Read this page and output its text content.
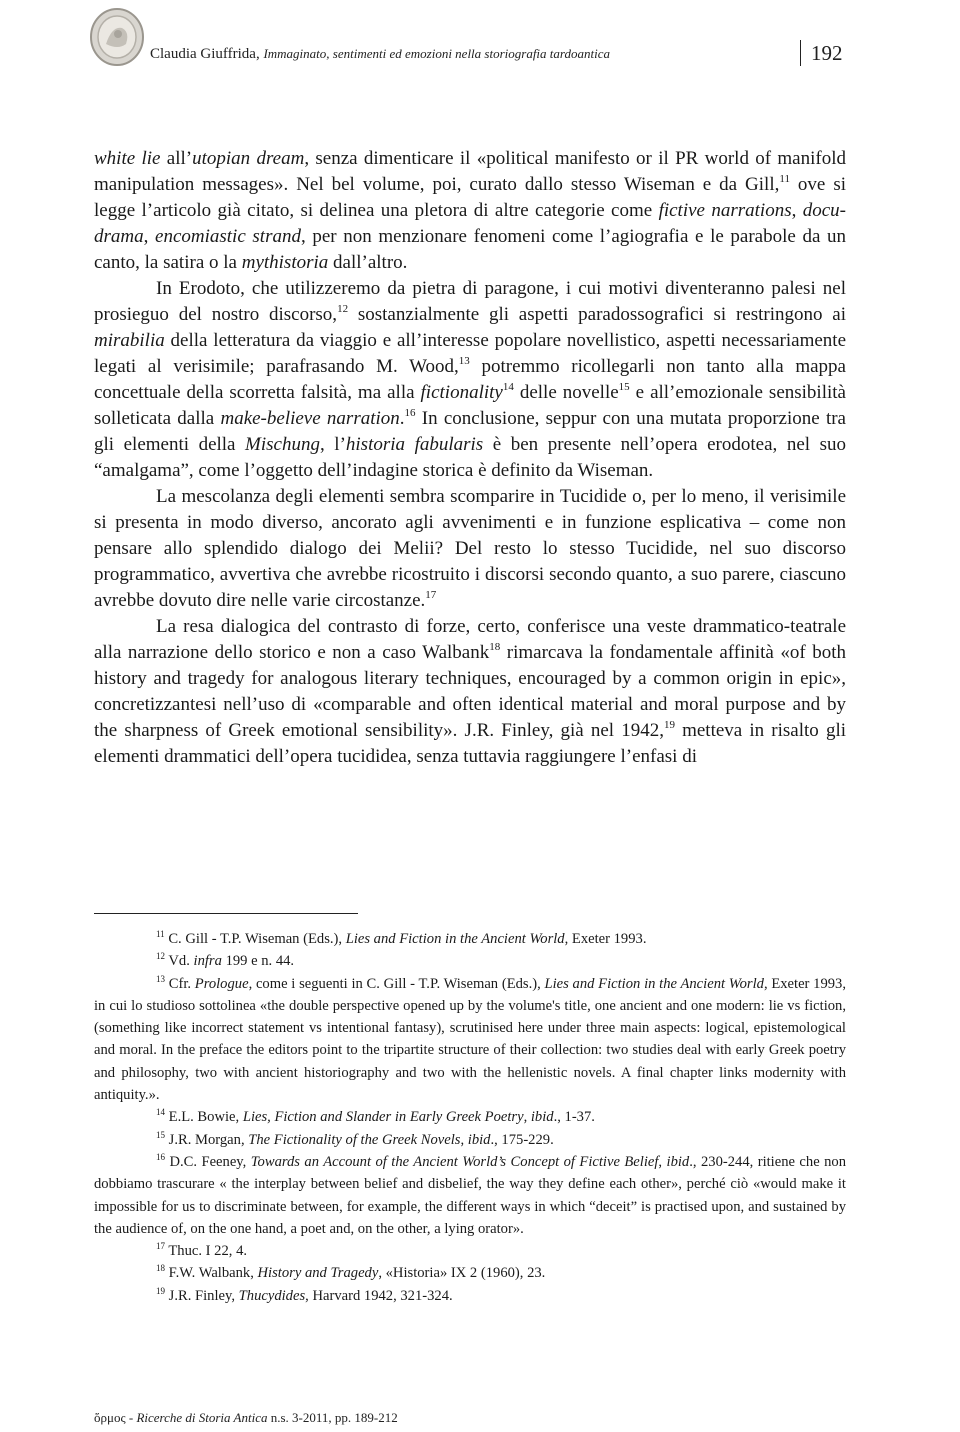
Claudia Giuffrida, Immaginato, sentimenti ed emozioni nella storiografia tardoantica	192

white lie all’utopian dream, senza dimenticare il «political manifesto or il PR world of manifold manipulation messages». Nel bel volume, poi, curato dallo stesso Wiseman e da Gill,$^{11}$ ove si legge l’articolo già citato, si delinea una pletora di altre categorie come fictive narrations, docu-drama, encomiastic strand, per non menzionare fenomeni come l’agiografia e le parabole da un canto, la satira o la mythistoria dall’altro.

In Erodoto, che utilizzeremo da pietra di paragone, i cui motivi diventeranno palesi nel prosieguo del nostro discorso,$^{12}$ sostanzialmente gli aspetti paradossografici si restringono ai mirabilia della letteratura da viaggio e all’interesse popolare novellistico, aspetti necessariamente legati al verisimile; parafrasando M. Wood,$^{13}$ potremmo ricollegarli non tanto alla mappa concettuale della scorretta falsità, ma alla fictionality$^{14}$ delle novelle$^{15}$ e all’emozionale sensibilità solleticata dalla make-believe narration.$^{16}$ In conclusione, seppur con una mutata proporzione tra gli elementi della Mischung, l’historia fabularis è ben presente nell’opera erodotea, nel suo “amalgama”, come l’oggetto dell’indagine storica è definito da Wiseman.

La mescolanza degli elementi sembra scomparire in Tucidide o, per lo meno, il verisimile si presenta in modo diverso, ancorato agli avvenimenti e in funzione esplicativa – come non pensare allo splendido dialogo dei Melii? Del resto lo stesso Tucidide, nel suo discorso programmatico, avvertiva che avrebbe ricostruito i discorsi secondo quanto, a suo parere, ciascuno avrebbe dovuto dire nelle varie circostanze.$^{17}$

La resa dialogica del contrasto di forze, certo, conferisce una veste drammatico-teatrale alla narrazione dello storico e non a caso Walbank$^{18}$ rimarcava la fondamentale affinità «of both history and tragedy for analogous literary techniques, encouraged by a common origin in epic», concretizzantesi nell’uso di «comparable and often identical material and moral purpose and by the sharpness of Greek emotional sensibility». J.R. Finley, già nel 1942,19 metteva in risalto gli elementi drammatici dell’opera tucididea, senza tuttavia raggiungere l’enfasi di

$^{11}$ C. Gill - T.P. Wiseman (Eds.), Lies and Fiction in the Ancient World, Exeter 1993.

$^{12}$ Vd. infra 199 e n. 44.

$^{13}$ Cfr. Prologue, come i seguenti in C. Gill - T.P. Wiseman (Eds.), Lies and Fiction in the Ancient World, Exeter 1993, in cui lo studioso sottolinea «the double perspective opened up by the volume's title, one ancient and one modern: lie vs fiction, (something like incorrect statement vs intentional fantasy), scrutinised here under three main aspects: logical, epistemological and moral. In the preface the editors point to the tripartite structure of their collection: two studies deal with early Greek poetry and philosophy, two with ancient historiography and two with the hellenistic novels. A final chapter links modernity with antiquity.».

$^{14}$ E.L. Bowie, Lies, Fiction and Slander in Early Greek Poetry, ibid., 1-37.

$^{15}$ J.R. Morgan, The Fictionality of the Greek Novels, ibid., 175-229.

$^{16}$ D.C. Feeney, Towards an Account of the Ancient World’s Concept of Fictive Belief, ibid., 230-244, ritiene che non dobbiamo trascurare « the interplay between belief and disbelief, the way they define each other», perché ciò «would make it impossible for us to discriminate between, for example, the different ways in which “deceit” is practised upon, and sustained by the audience of, on the one hand, a poet and, on the other, a lying orator».

$^{17}$ Thuc. I 22, 4.

$^{18}$ F.W. Walbank, History and Tragedy, «Historia» IX 2 (1960), 23.

$^{19}$ J.R. Finley, Thucydides, Harvard 1942, 321-324.

ὅρμος - Ricerche di Storia Antica n.s. 3-2011, pp. 189-212
